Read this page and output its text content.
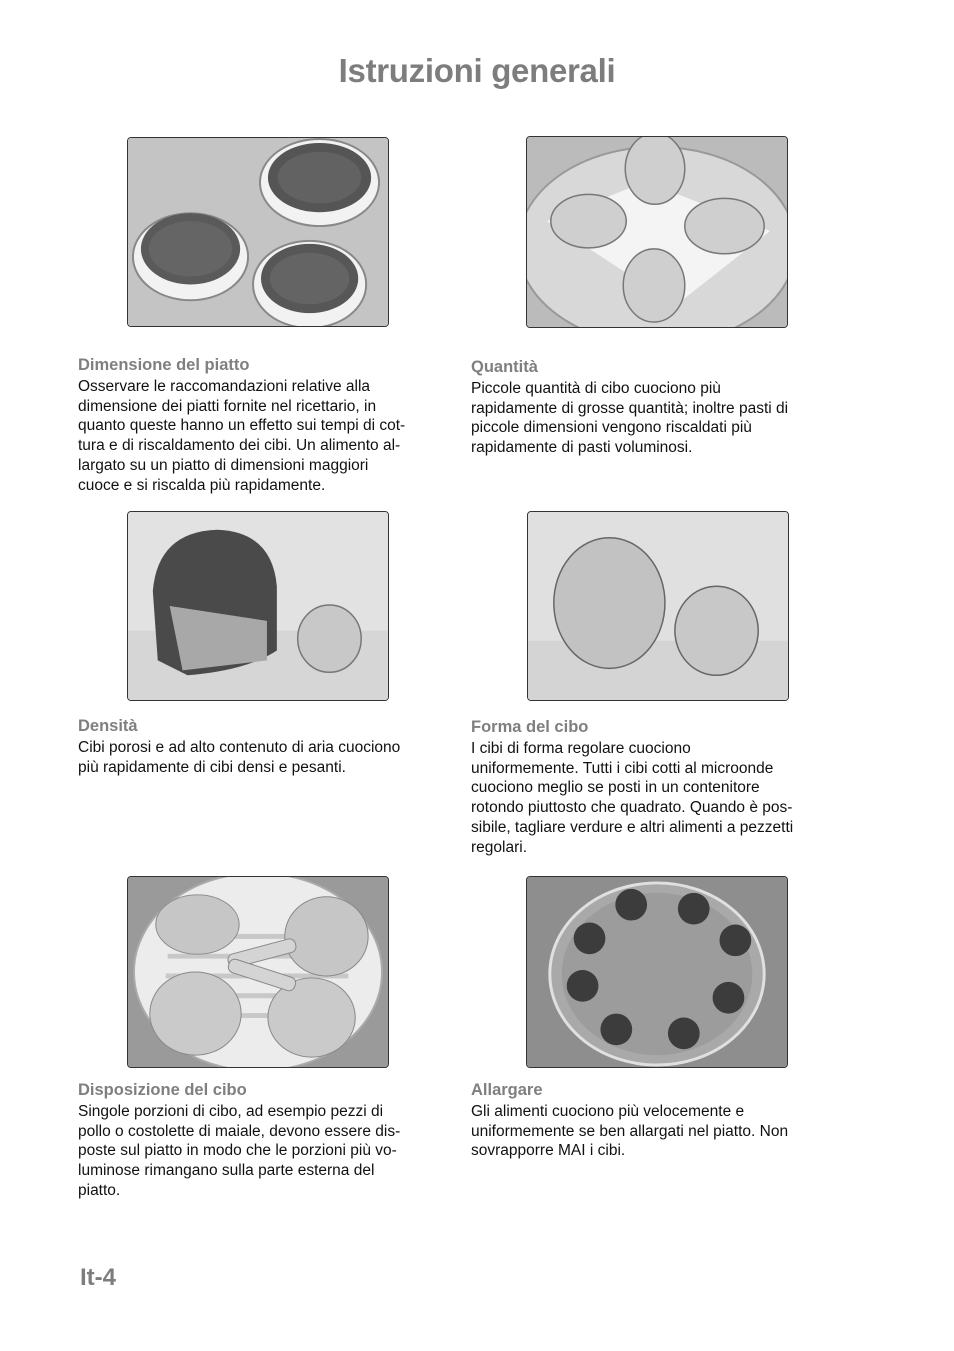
Istruzioni generali
Dimensione del piatto
Osservare le raccomandazioni relative alla
dimensione dei piatti fornite nel ricettario, in
quanto queste hanno un effetto sui tempi di cot-
tura e di riscaldamento dei cibi. Un alimento al-
largato su un piatto di dimensioni maggiori
cuoce e si riscalda più rapidamente.
Quantità
Piccole quantità di cibo cuociono più
rapidamente di grosse quantità; inoltre pasti di
piccole dimensioni vengono riscaldati più
rapidamente di pasti voluminosi.
Densità
Cibi porosi e ad alto contenuto di aria cuociono
più rapidamente di cibi densi e pesanti.
Forma del cibo
I cibi di forma regolare cuociono
uniformemente. Tutti i cibi cotti al microonde
cuociono meglio se posti in un contenitore
rotondo piuttosto che quadrato. Quando è pos-
sibile, tagliare verdure e altri alimenti a pezzetti
regolari.
Disposizione del cibo
Singole porzioni di cibo, ad esempio pezzi di
pollo o costolette di maiale, devono essere dis-
poste sul piatto in modo che le porzioni più vo-
luminose rimangano sulla parte esterna del
piatto.
Allargare
Gli alimenti cuociono più velocemente e
uniformemente se ben allargati nel piatto. Non
sovrapporre MAI i cibi.
It-4
